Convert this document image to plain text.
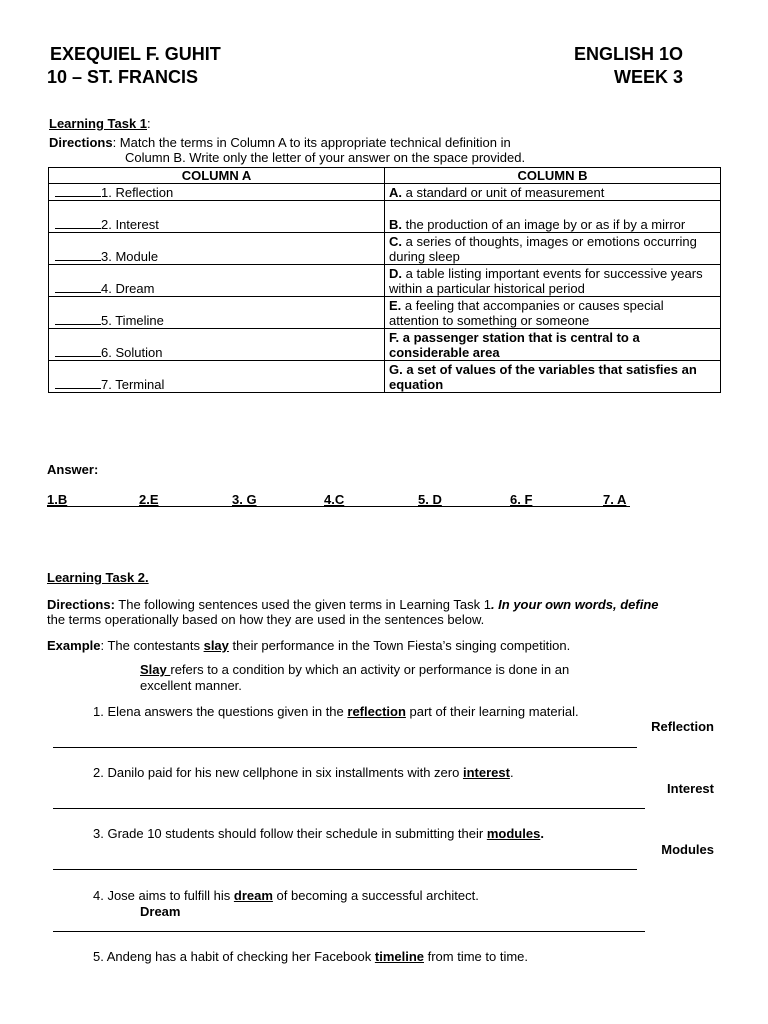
EXEQUIEL F. GUHIT
10 – ST. FRANCIS
ENGLISH 1O
WEEK 3
Learning Task 1:
Directions: Match the terms in Column A to its appropriate technical definition in
Column B. Write only the letter of your answer on the space provided.
COLUMN A	COLUMN B
1. Reflection	A. a standard or unit of measurement
2. Interest	B. the production of an image by or as if by a mirror
3. Module	C. a series of thoughts, images or emotions occurring during sleep
4. Dream	D. a table listing important events for successive years within a particular historical period
5. Timeline	E. a feeling that accompanies or causes special attention to something or someone
6. Solution	F. a passenger station that is central to a considerable area
7. Terminal	G. a set of values of the variables that satisfies an equation
Answer:
1.B	2.E	3. G	4.C	5. D	6. F	7. A
Learning Task 2.
Directions: The following sentences used the given terms in Learning Task 1. In your own words, define
the terms operationally based on how they are used in the sentences below.
Example: The contestants slay their performance in the Town Fiesta’s singing competition.
Slay refers to a condition by which an activity or performance is done in an
excellent manner.
1. Elena answers the questions given in the reflection part of their learning material.
Reflection
2. Danilo paid for his new cellphone in six installments with zero interest.
Interest
3. Grade 10 students should follow their schedule in submitting their modules.
Modules
4. Jose aims to fulfill his dream of becoming a successful architect.
Dream
5. Andeng has a habit of checking her Facebook timeline from time to time.
